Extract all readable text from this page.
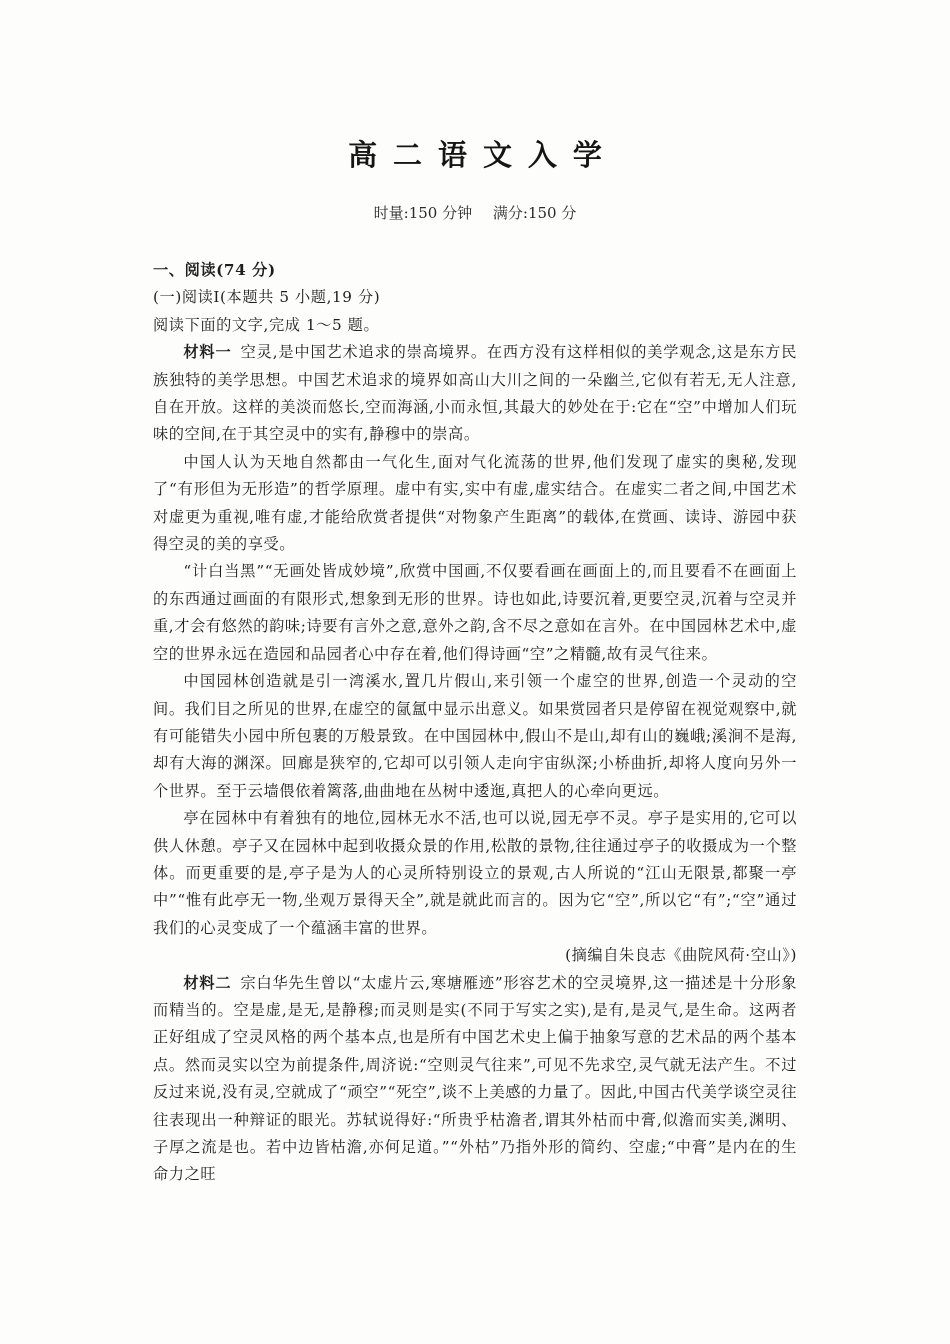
高二语文入学
时量:150 分钟 满分:150 分

一、阅读(74 分)

(一)阅读Ⅰ(本题共 5 小题,19 分)

阅读下面的文字,完成 1～5 题。

材料一 空灵,是中国艺术追求的崇高境界。在西方没有这样相似的美学观念,这是东方民族独特的美学思想。中国艺术追求的境界如高山大川之间的一朵幽兰,它似有若无,无人注意,自在开放。这样的美淡而悠长,空而海涵,小而永恒,其最大的妙处在于:它在“空”中增加人们玩味的空间,在于其空灵中的实有,静穆中的崇高。

中国人认为天地自然都由一气化生,面对气化流荡的世界,他们发现了虚实的奥秘,发现了“有形但为无形造”的哲学原理。虚中有实,实中有虚,虚实结合。在虚实二者之间,中国艺术对虚更为重视,唯有虚,才能给欣赏者提供“对物象产生距离”的载体,在赏画、读诗、游园中获得空灵的美的享受。

“计白当黑”“无画处皆成妙境”,欣赏中国画,不仅要看画在画面上的,而且要看不在画面上的东西通过画面的有限形式,想象到无形的世界。诗也如此,诗要沉着,更要空灵,沉着与空灵并重,才会有悠然的韵味;诗要有言外之意,意外之韵,含不尽之意如在言外。在中国园林艺术中,虚空的世界永远在造园和品园者心中存在着,他们得诗画“空”之精髓,故有灵气往来。

中国园林创造就是引一湾溪水,置几片假山,来引领一个虚空的世界,创造一个灵动的空间。我们目之所见的世界,在虚空的氤氲中显示出意义。如果赏园者只是停留在视觉观察中,就有可能错失小园中所包裹的万般景致。在中国园林中,假山不是山,却有山的巍峨;溪涧不是海,却有大海的渊深。回廊是狭窄的,它却可以引领人走向宇宙纵深;小桥曲折,却将人度向另外一个世界。至于云墙偎依着篱落,曲曲地在丛树中逶迤,真把人的心牵向更远。

亭在园林中有着独有的地位,园林无水不活,也可以说,园无亭不灵。亭子是实用的,它可以供人休憩。亭子又在园林中起到收摄众景的作用,松散的景物,往往通过亭子的收摄成为一个整体。而更重要的是,亭子是为人的心灵所特别设立的景观,古人所说的“江山无限景,都聚一亭中”“惟有此亭无一物,坐观万景得天全”,就是就此而言的。因为它“空”,所以它“有”;“空”通过我们的心灵变成了一个蕴涵丰富的世界。

(摘编自朱良志《曲院风荷·空山》)

材料二 宗白华先生曾以“太虚片云,寒塘雁迹”形容艺术的空灵境界,这一描述是十分形象而精当的。空是虚,是无,是静穆;而灵则是实(不同于写实之实),是有,是灵气,是生命。这两者正好组成了空灵风格的两个基本点,也是所有中国艺术史上偏于抽象写意的艺术品的两个基本点。然而灵实以空为前提条件,周济说:“空则灵气往来”,可见不先求空,灵气就无法产生。不过反过来说,没有灵,空就成了“顽空”“死空”,谈不上美感的力量了。因此,中国古代美学谈空灵往往表现出一种辩证的眼光。苏轼说得好:“所贵乎枯澹者,谓其外枯而中膏,似澹而实美,渊明、子厚之流是也。若中边皆枯澹,亦何足道。”“外枯”乃指外形的简约、空虚;“中膏”是内在的生命力之旺
